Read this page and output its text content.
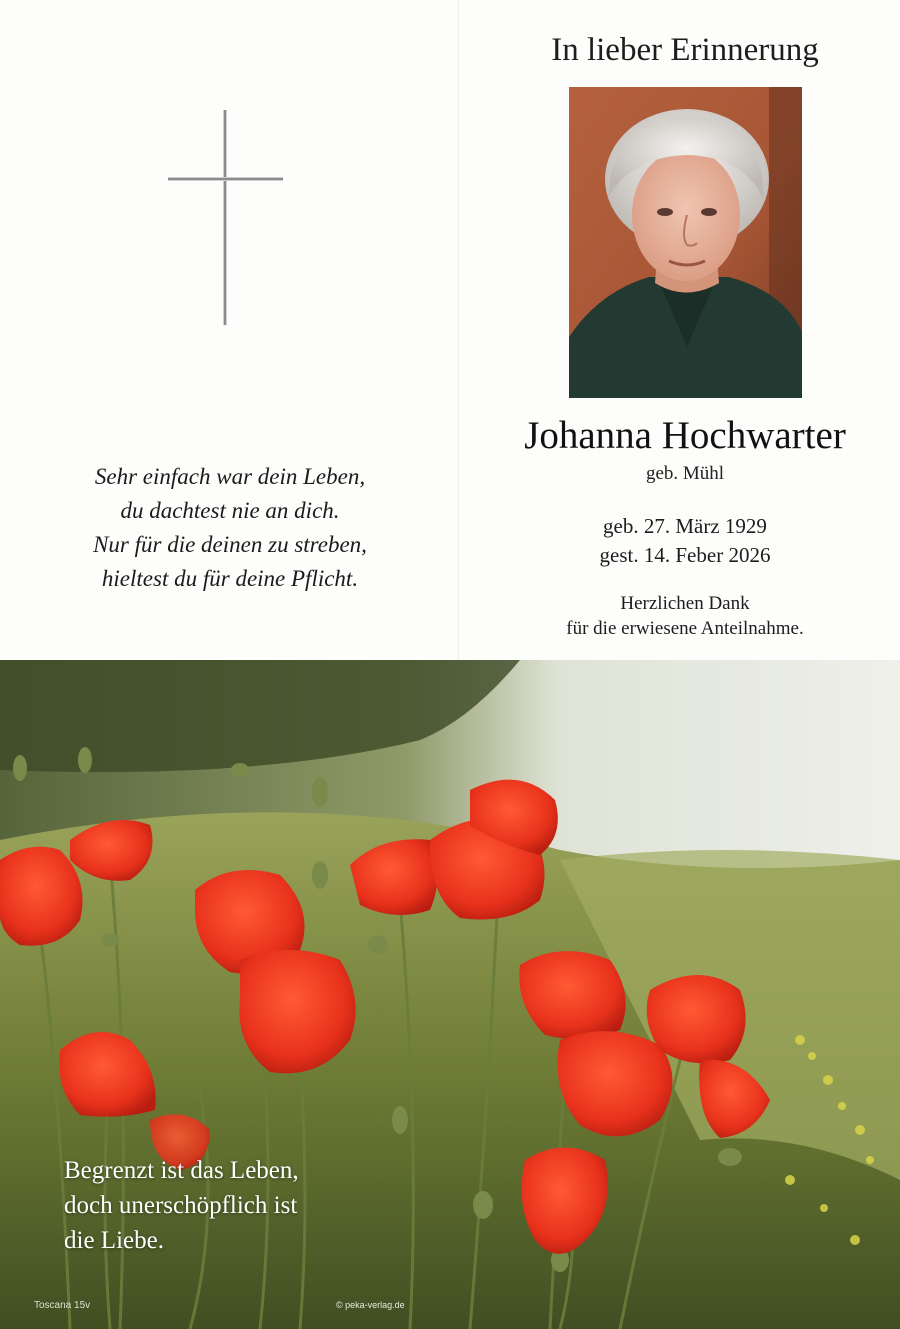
Sehr einfach war dein Leben,
du dachtest nie an dich.
Nur für die deinen zu streben,
hieltest du für deine Pflicht.
In lieber Erinnerung
Johanna Hochwarter
geb. Mühl
geb. 27. März 1929
gest. 14. Feber 2026
Herzlichen Dank
für die erwiesene Anteilnahme.
Begrenzt ist das Leben,
doch unerschöpflich ist
die Liebe.
Toscana 15v	© peka-verlag.de
